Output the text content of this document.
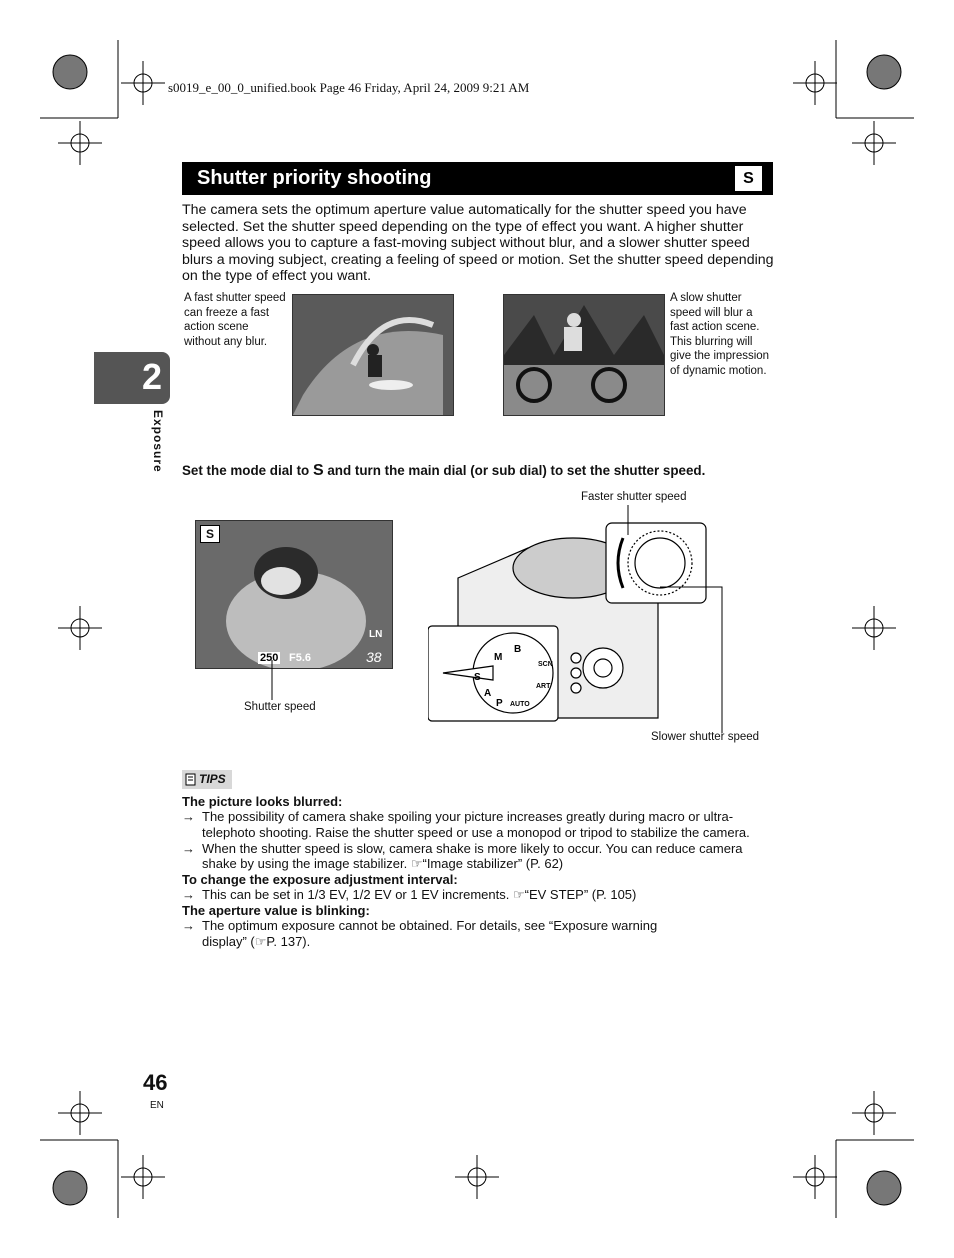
s0019_e_00_0_unified.book Page 46 Friday, April 24, 2009 9:21 AM
Shutter priority shooting	S
The camera sets the optimum aperture value automatically for the shutter speed you have selected. Set the shutter speed depending on the type of effect you want. A higher shutter speed allows you to capture a fast-moving subject without blur, and a slower shutter speed blurs a moving subject, creating a feeling of speed or motion. Set the shutter speed depending on the type of effect you want.
A fast shutter speed can freeze a fast action scene without any blur.
A slow shutter speed will blur a fast action scene. This blurring will give the impression of dynamic motion.
2
Exposure Set the mode dial to S and turn the main dial (or sub dial) to set the shutter speed.
S
LN
250 F5.6	38
Shutter speed
S
M
A
P AUTO
ART
SCN
B
Faster shutter speed
Slower shutter speed
TIPS
The picture looks blurred:
→ The possibility of camera shake spoiling your picture increases greatly during macro or ultra-telephoto shooting. Raise the shutter speed or use a monopod or tripod to stabilize the camera.
→ When the shutter speed is slow, camera shake is more likely to occur. You can reduce camera shake by using the image stabilizer. ☞“Image stabilizer” (P. 62)
To change the exposure adjustment interval:
→ This can be set in 1/3 EV, 1/2 EV or 1 EV increments. ☞“EV STEP” (P. 105)
The aperture value is blinking:
→ The optimum exposure cannot be obtained. For details, see “Exposure warning display” (☞P. 137).
46
EN
